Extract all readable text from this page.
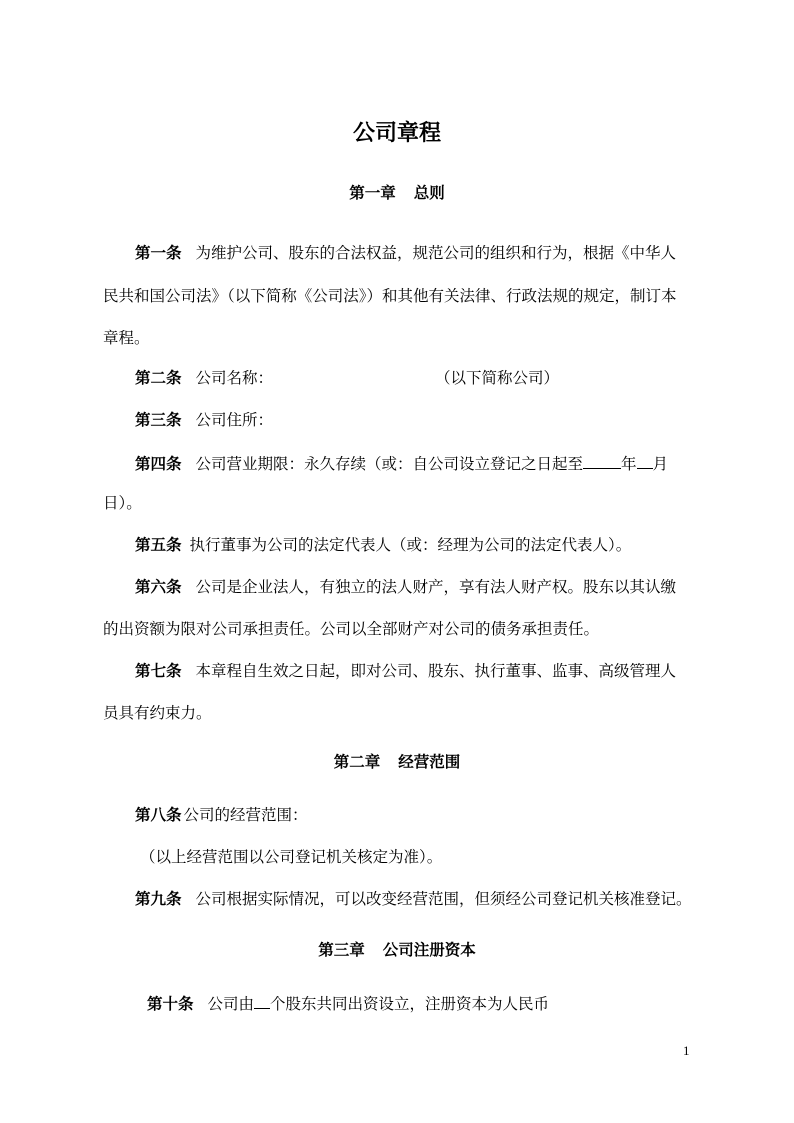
公司章程
第一章 总则
第一条 为维护公司、股东的合法权益，规范公司的组织和行为，根据《中华人
民共和国公司法》（以下简称《公司法》）和其他有关法律、行政法规的规定，制订本
章程。
第二条 公司名称：	（以下简称公司）
第三条 公司住所：
第四条 公司营业期限：永久存续（或：自公司设立登记之日起至 年 月
日）。
第五条 执行董事为公司的法定代表人（或：经理为公司的法定代表人）。
第六条 公司是企业法人，有独立的法人财产，享有法人财产权。股东以其认缴
的出资额为限对公司承担责任。公司以全部财产对公司的债务承担责任。
第七条 本章程自生效之日起，即对公司、股东、执行董事、监事、高级管理人
员具有约束力。
第二章 经营范围
第八条 公司的经营范围：
（以上经营范围以公司登记机关核定为准）。
第九条 公司根据实际情况，可以改变经营范围，但须经公司登记机关核准登记。
第三章 公司注册资本
第十条 公司由 个股东共同出资设立，注册资本为人民币
1
